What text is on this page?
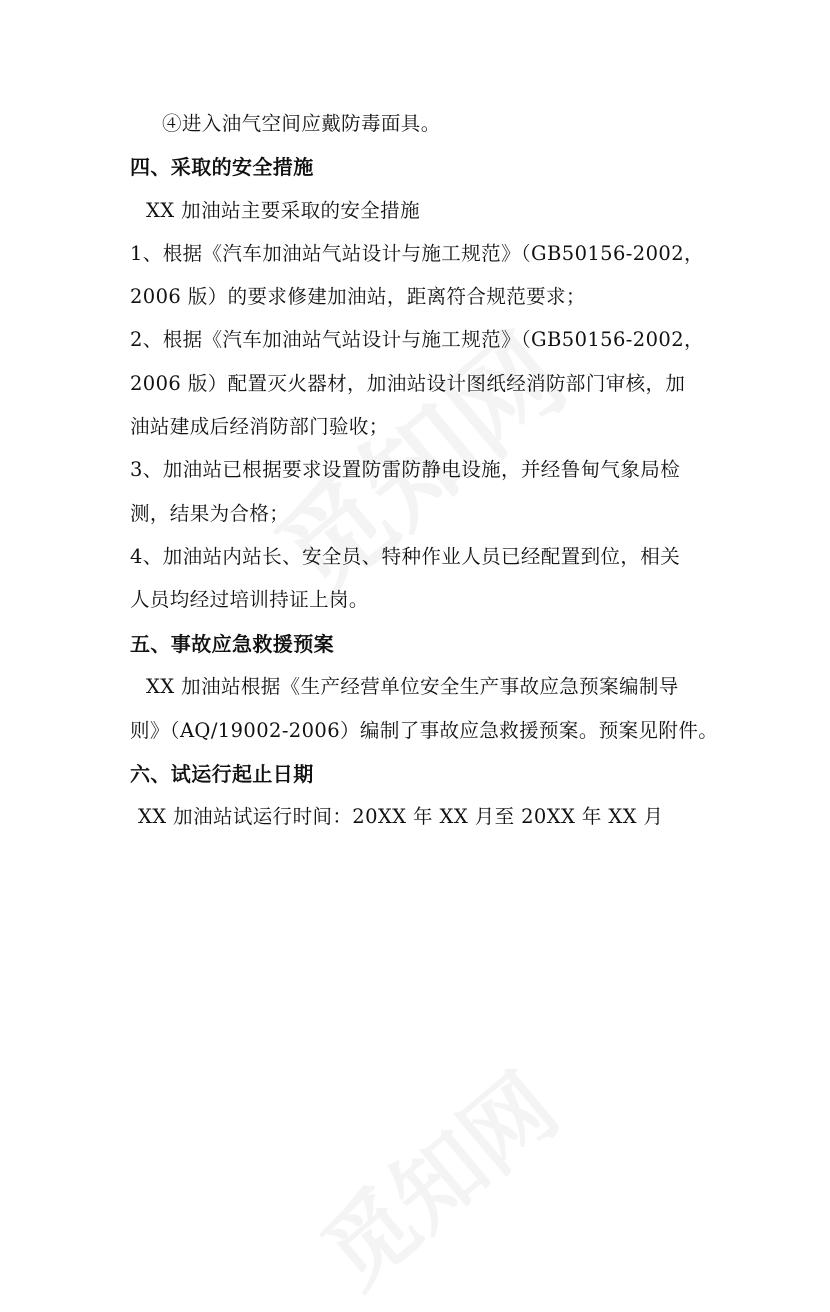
④进入油气空间应戴防毒面具。
四、采取的安全措施
XX 加油站主要采取的安全措施
1、根据《汽车加油站气站设计与施工规范》（GB50156-2002，
2006 版）的要求修建加油站，距离符合规范要求；
2、根据《汽车加油站气站设计与施工规范》（GB50156-2002，
2006 版）配置灭火器材，加油站设计图纸经消防部门审核，加
油站建成后经消防部门验收；
3、加油站已根据要求设置防雷防静电设施，并经鲁甸气象局检
测，结果为合格；
4、加油站内站长、安全员、特种作业人员已经配置到位，相关
人员均经过培训持证上岗。
五、事故应急救援预案
XX 加油站根据《生产经营单位安全生产事故应急预案编制导
则》（AQ/19002-2006）编制了事故应急救援预案。预案见附件。
六、试运行起止日期
XX 加油站试运行时间：20XX 年 XX 月至 20XX 年 XX 月
